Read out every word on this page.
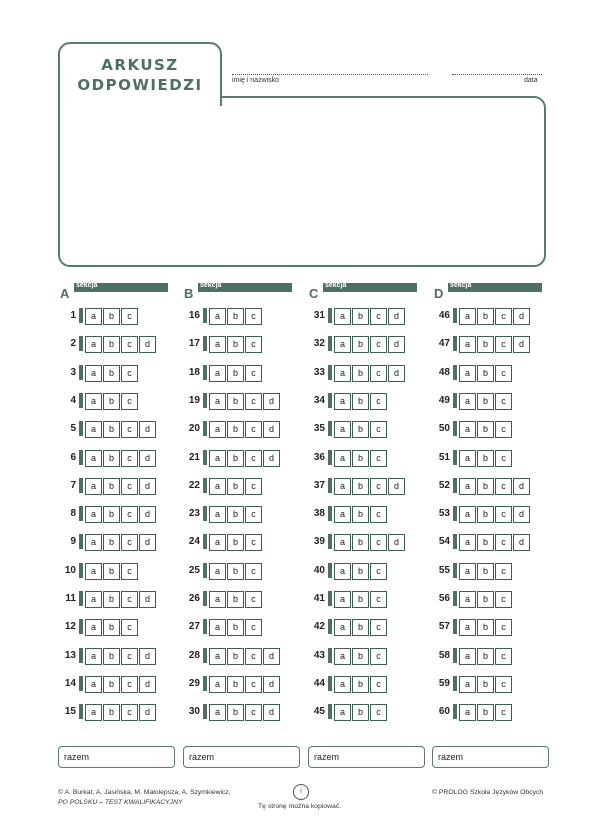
ARKUSZ
ODPOWIEDZI	imię i nazwisko	data
A
sekcja
B
sekcja
C
sekcja
D
sekcja
1	a	b	c
2	a	b	c	d
3	a	b	c
4	a	b	c
5	a	b	c	d
6	a	b	c	d
7	a	b	c	d
8	a	b	c	d
9	a	b	c	d
10	a	b	c
11	a	b	c	d
12	a	b	c
13	a	b	c	d
14	a	b	c	d
15	a	b	c	d
16	a	b	c
17	a	b	c
18	a	b	c
19	a	b	c	d
20	a	b	c	d
21	a	b	c	d
22	a	b	c
23	a	b	c
24	a	b	c
25	a	b	c
26	a	b	c
27	a	b	c
28	a	b	c	d
29	a	b	c	d
30	a	b	c	d
31	a	b	c	d
32	a	b	c	d
33	a	b	c	d
34	a	b	c
35	a	b	c
36	a	b	c
37	a	b	c	d
38	a	b	c
39	a	b	c	d
40	a	b	c
41	a	b	c
42	a	b	c
43	a	b	c
44	a	b	c
45	a	b	c
46	a	b	c	d
47	a	b	c	d
48	a	b	c
49	a	b	c
50	a	b	c
51	a	b	c
52	a	b	c	d
53	a	b	c	d
54	a	b	c	d
55	a	b	c
56	a	b	c
57	a	b	c
58	a	b	c
59	a	b	c
60	a	b	c
razem	razem	razem	razem
© A. Burkat, A. Jasińska, M. Małolepsza, A. Szymkiewicz,
PO POLSKU – TEST KWALIFIKACYJNY
i
Tę stronę można kopiować.
© PROLOG Szkoła Języków Obcych
